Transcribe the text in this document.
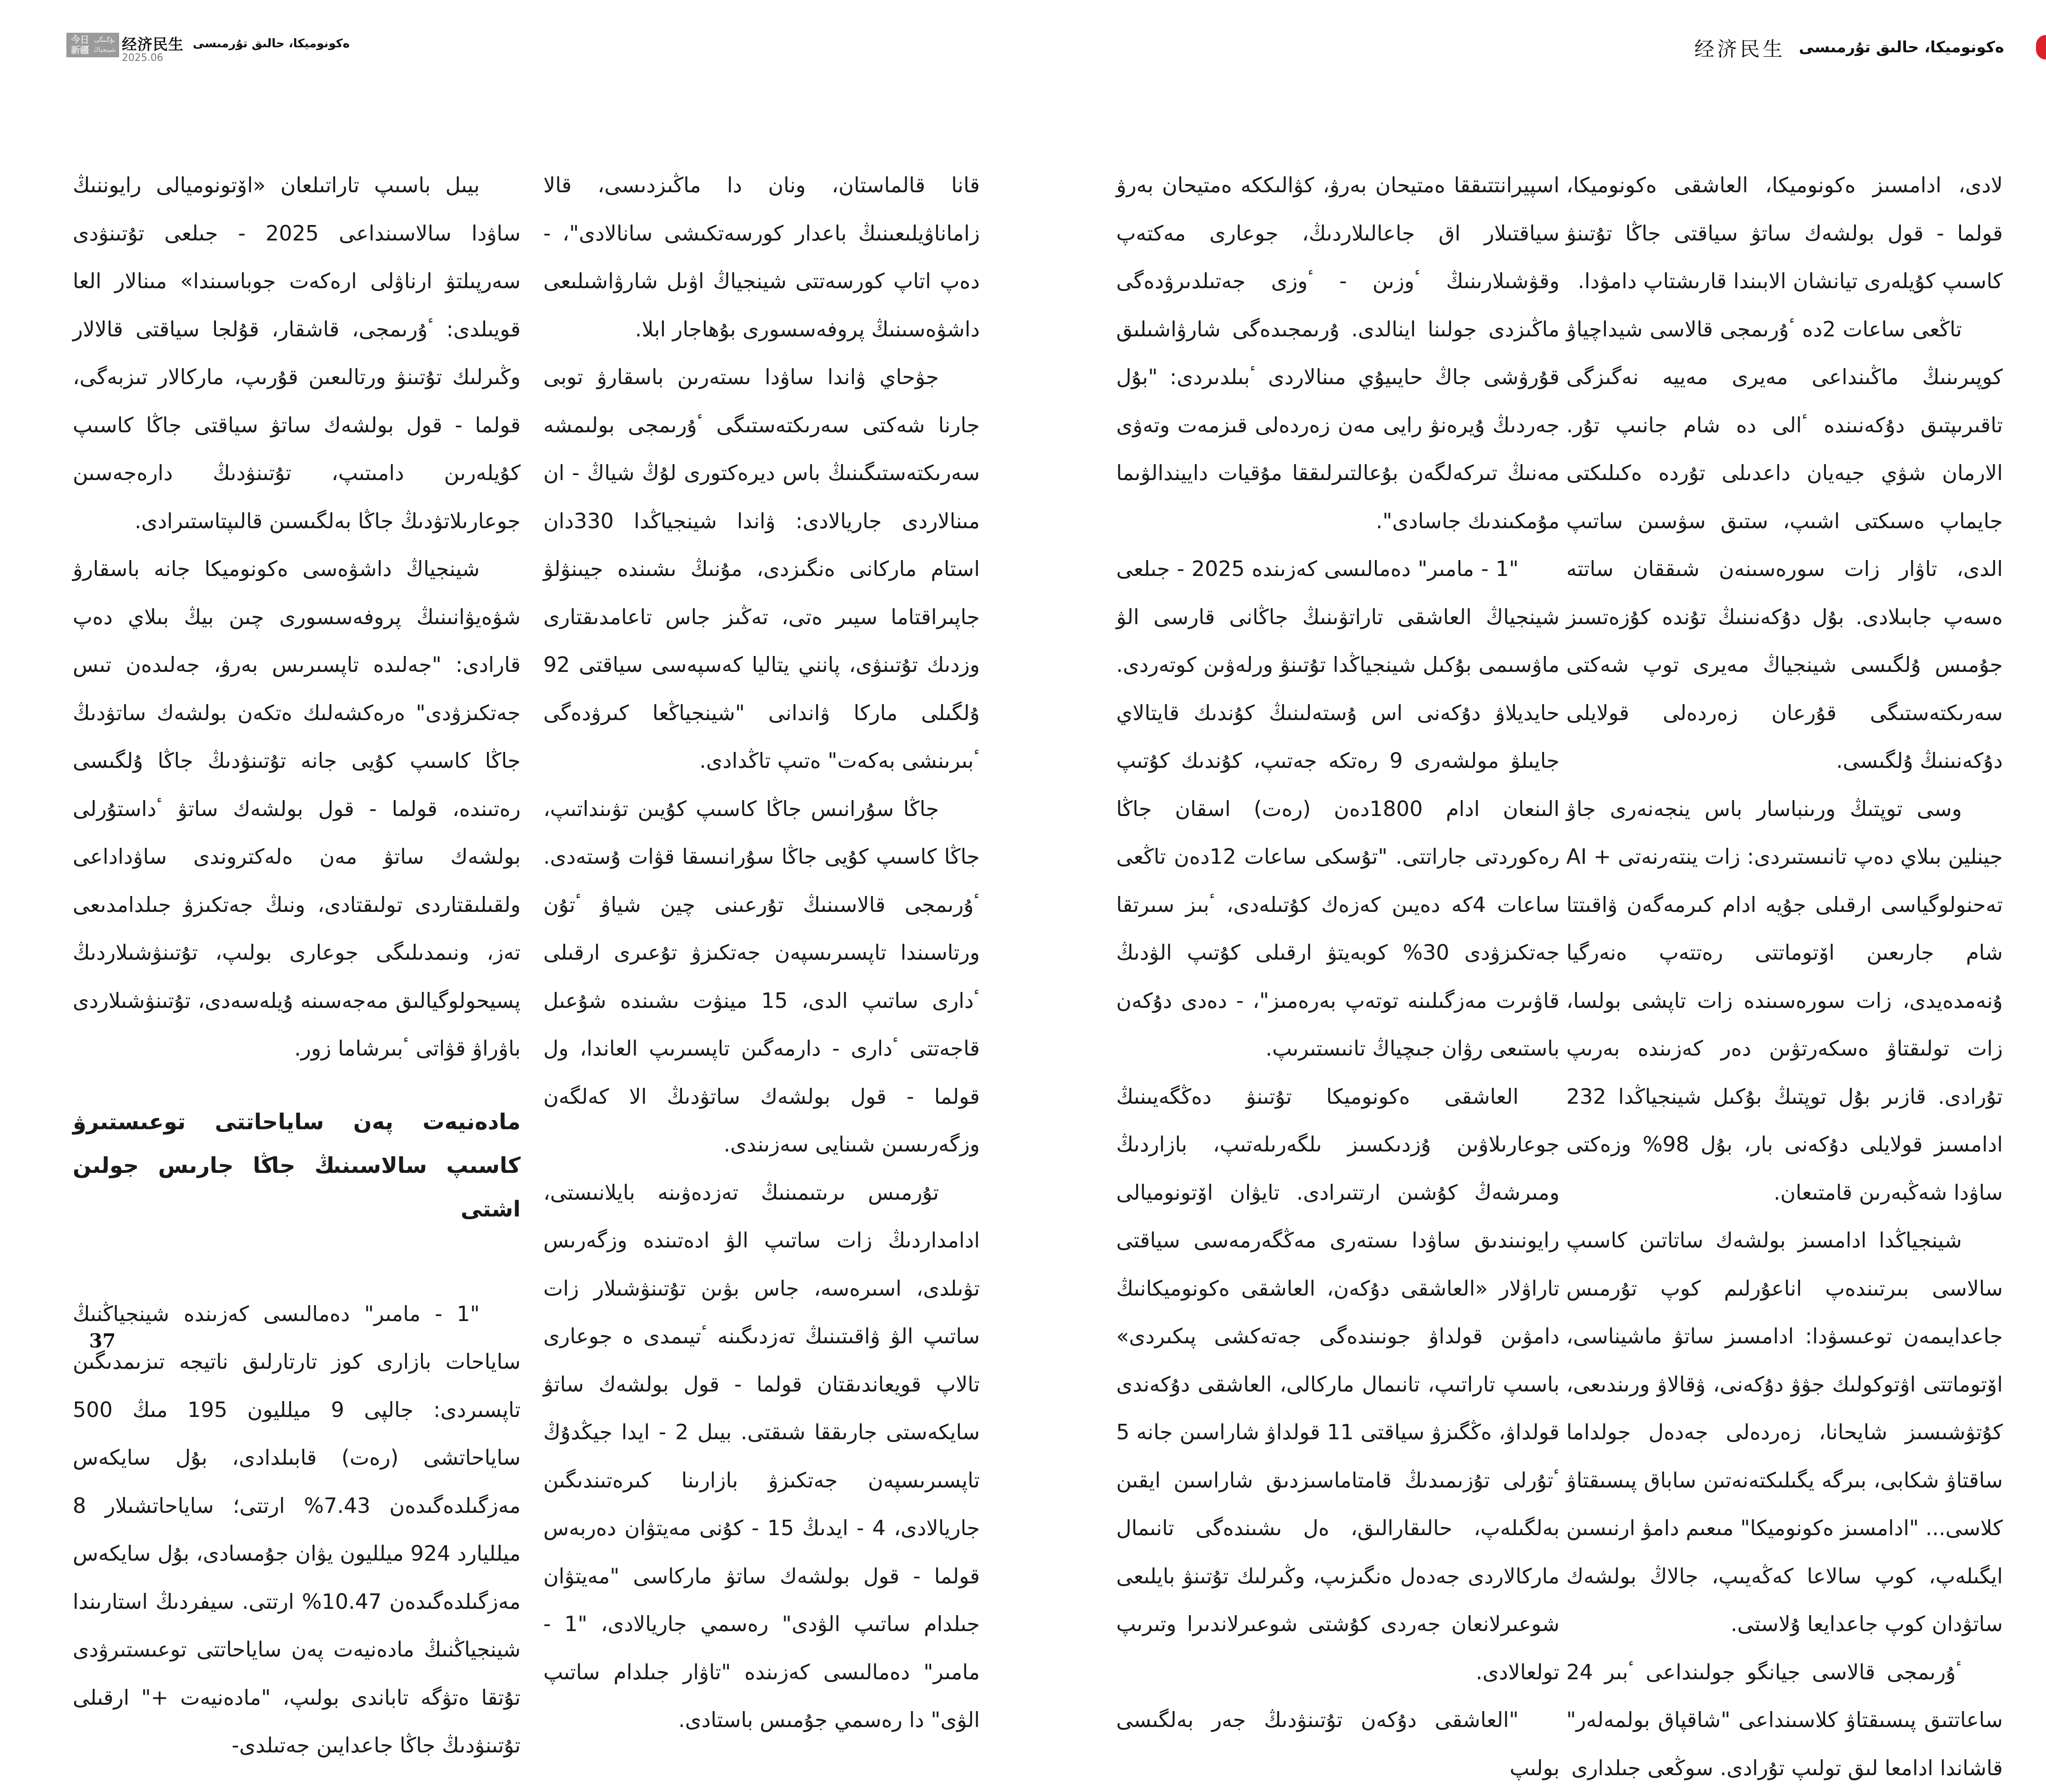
今日
新疆
بۇگىنگى
شينجياڭ 经济民生 ەكونوميكا، حالىق تۇرمىسى
2025.06

بيىل باسىپ تاراتىلعان «اۆتونوميالى رايوننىڭ ساۋدا سالاسىنداعى 2025 - جىلعى تۇتىنۋدى سەرپىلتۋ ارناۋلى ارەكەت جوباسىندا» مىنالار العا قويىلدى: ٴۇرىمجى، قاشقار، قۇلجا سياقتى قالالار وڭىرلىك تۇتىنۋ ورتالىعىن قۇرىپ، ماركالار تىزبەگى، قولما - قول بولشەك ساتۋ سياقتى جاڭا كاسىپ كۇيلەرىن دامىتىپ، تۇتىنۋدىڭ دارەجەسىن جوعارىلاتۋدىڭ جاڭا بەلگىسىن قالىپتاستىرادى.

شينجياڭ داشۋەسى ەكونوميكا جانە باسقارۋ شۋەيۋانىنىڭ پروفەسسورى چىن بيڭ بىلاي دەپ قارادى: "جەلىدە تاپسىرىس بەرۋ، جەلىدەن تىس جەتكىزۋدى" ەرەكشەلىك ەتكەن بولشەك ساتۋدىڭ جاڭا كاسىپ كۇيى جانە تۇتىنۋدىڭ جاڭا ۇلگىسى رەتىندە، قولما - قول بولشەك ساتۋ ٴداستۇرلى بولشەك ساتۋ مەن ەلەكتروندى ساۋداداعى ولقىلىقتاردى تولىقتادى، ونىڭ جەتكىزۋ جىلدامدىعى تەز، ونىمدىلىگى جوعارى بولىپ، تۇتىنۋشىلاردىڭ پسيحولوگيالىق مەجەسىنە ۇيلەسەدى، تۇتىنۋشىلاردى باۋراۋ قۋاتى ٴبىرشاما زور.

مادەنيەت پەن ساياحاتتى توعىستىرۋ كاسىپ سالاسىنىڭ جاڭا جارىس جولىن اشتى

"1 - مامىر" دەمالىسى كەزىندە شينجياڭنىڭ ساياحات بازارى كوز تارتارلىق ناتيجە تىزىمدىگىن تاپسىردى: جالپى 9 ميلليون 195 مىڭ 500 ساياحاتشى (رەت) قابىلدادى، بۇل سايكەس مەزگىلدەگىدەن 7.43% ارتتى؛ ساياحاتشىلار 8 ميلليارد 924 ميلليون يۋان جۇمسادى، بۇل سايكەس مەزگىلدەگىدەن 10.47% ارتتى. سيفردىڭ استارىندا شينجياڭنىڭ مادەنيەت پەن ساياحاتتى توعىستىرۋدى تۇتقا ەتۋگە تاباندى بولىپ، "مادەنيەت +" ارقىلى تۇتىنۋدىڭ جاڭا جاعدايىن جەتىلدى-

قانا قالماستان، ونان دا ماڭىزدىسى، قالا زاماناۋيلىعىنىڭ باعدار كورسەتكىشى سانالادى"، - دەپ اتاپ كورسەتتى شينجياڭ اۋىل شارۋاشىلىعى داشۋەسىنىڭ پروفەسسورى بۇهاجار ابلا.

جۋحاي ۋاندا ساۋدا ىستەرىن باسقارۋ توبى جارنا شەكتى سەرىكتەستىگى ٴۇرىمجى بولىمشە سەرىكتەستىگىنىڭ باس ديرەكتورى لۇڭ شياڭ - ان مىنالاردى جاريالادى: ۋاندا شينجياڭدا 330دان استام ماركانى ەنگىزدى، مۇنىڭ ىشىندە جيىنۋلۋ جاپىراقتاما سيىر ەتى، تەڭىز جاس تاعامدىقتارى وزدىك تۇتىنۋى، پانني يتاليا كەسپەسى سياقتى 92 ۇلگىلى ماركا ۋاندانى "شينجياڭعا كىرۋدەگى ٴبىرىنشى بەكەت" ەتىپ تاڭدادى.

جاڭا سۇرانىس جاڭا كاسىپ كۇيىن تۋىنداتىپ، جاڭا كاسىپ كۇيى جاڭا سۇرانىسقا قۋات ۇستەدى. ٴۇرىمجى قالاسىنىڭ تۇرعىنى چين شياۋ ٴتۇن ورتاسىندا تاپسىرىسپەن جەتكىزۋ تۇعىرى ارقىلى ٴدارى ساتىپ الدى، 15 مينۋت ىشىندە شۇعىل قاجەتتى ٴدارى - دارمەگىن تاپسىرىپ العاندا، ول قولما - قول بولشەك ساتۋدىڭ الا كەلگەن وزگەرىسىن شىنايى سەزىندى.

تۇرمىس ىرىتىمىنىڭ تەزدەۋىنە بايلانىستى، ادامداردىڭ زات ساتىپ الۋ ادەتىندە وزگەرىس تۋىلدى، اسىرەسە، جاس بۋىن تۇتىنۋشىلار زات ساتىپ الۋ ۋاقىتىنىڭ تەزدىگىنە ٴتيىمدى ە جوعارى تالاپ قويعاندىقتان قولما - قول بولشەك ساتۋ سايكەستى جارىققا شىقتى. بيىل 2 - ايدا جيڭدۇڭ تاپسىرىسپەن جەتكىزۋ بازارىنا كىرەتىندىگىن جاريالادى، 4 - ايدىڭ 15 - كۇنى مەيتۋان دەربەس قولما - قول بولشەك ساتۋ ماركاسى "مەيتۋان جىلدام ساتىپ الۋدى" رەسمي جاريالادى، "1 - مامىر" دەمالىسى كەزىندە "تاۋار جىلدام ساتىپ الۋى" دا رەسمي جۇمىس باستادى.

37
经济民生 ەكونوميكا، حالىق تۇرمىسى

اسپيرانتتىققا ەمتيحان بەرۋ، كۋالىككە ەمتيحان بەرۋ سياقتىلار اق جاعالىلاردىڭ، جوعارى مەكتەپ وقۋشىلارىنىڭ ٴوزىن - ٴوزى جەتىلدىرۋدەگى ماڭىزدى جولىنا اينالدى. ۇرىمجىدەگى شارۋاشىلىق قۇرۋشى جاڭ حايىيۇي مىنالاردى ٴبىلدىردى: "بۇل جەردىڭ ۇيرەنۋ رايى مەن زەردەلى قىزمەت وتەۋى مەنىڭ تىركەلگەن بۇعالتىرلىققا مۇقيات داييندالۋىما مۇمكىندىك جاسادى".

"1 - مامىر" دەمالىسى كەزىندە 2025 - جىلعى شينجياڭ العاشقى تاراتۋىنىڭ جاڭانى قارسى الۋ ماۋسىمى بۇكىل شينجياڭدا تۇتىنۋ ورلەۋىن كوتەردى. حايديلاۋ دۇكەنى اس ۇستەلىنىڭ كۇندىك قايتالاي جايىلۋ مولشەرى 9 رەتكە جەتىپ، كۇندىك كۇتىپ الىنعان ادام 1800دەن (رەت) اسقان جاڭا رەكوردتى جاراتتى. "تۇسكى ساعات 12دەن تاڭعى ساعات 4كە دەيىن كەزەك كۇتىلەدى، ٴبىز سىرتقا جەتكىزۋدى 30% كوبەيتۋ ارقىلى كۇتىپ الۋدىڭ قاۋىرت مەزگىلىنە توتەپ بەرەمىز"، - دەدى دۇكەن باستىعى رۋان جىچياڭ تانىستىرىپ.

العاشقى ەكونوميكا تۇتىنۋ دەڭگەيىنىڭ جوعارىلاۋىن ۇزدىكسىز ىلگەرىلەتىپ، بازاردىڭ ومىرشەڭ كۇشىن ارتتىرادى. تايۋان اۆتونوميالى رايونىندىق ساۋدا ىستەرى مەڭگەرمەسى سياقتى تاراۋلار «العاشقى دۇكەن، العاشقى ەكونوميكانىڭ دامۋىن قولداۋ جونىندەگى جەتەكشى پىكىردى» باسىپ تاراتىپ، تانىمال ماركالى، العاشقى دۇكەندى قولداۋ، ەڭگىزۋ سياقتى 11 قولداۋ شاراسىن جانە 5 ٴتۇرلى تۇزىمىدىڭ قامتاماسىزدىق شاراسىن ايقىن بەلگىلەپ، حالىقارالىق، ەل ىشىندەگى تانىمال ماركالاردى جەدەل ەنگىزىپ، وڭىرلىك تۇتىنۋ بايلىعى شوعىرلانعان جەردى كۇشتى شوعىرلاندىرا وتىرىپ تولعالادى.

"العاشقى دۇكەن تۇتىنۋدىڭ جەر بەلگىسى بولىپ

لادى، ادامسىز ەكونوميكا، العاشقى ەكونوميكا، قولما - قول بولشەك ساتۋ سياقتى جاڭا تۇتىنۋ كاسىپ كۇيلەرى تيانشان الابىندا قارىشتاپ دامۋدا.

تاڭعى ساعات 2دە ٴۇرىمجى قالاسى شيداچياۋ كوپىرىنىڭ ماڭىنداعى مەيرى مەييە نەگىزگى تاقىرىپتىق دۇكەنىندە ٴالى دە شام جانىپ تۇر. الارمان شۋي جيەيان داعدىلى تۇردە ەكىلىكتى جايماپ ەسىكتى اشىپ، ستىق سۋسىن ساتىپ الدى، تاۋار زات سورەسىنەن شىققان ساتتە ەسەپ جابىلادى. بۇل دۇكەنىنىڭ تۇندە كۇزەتسىز جۇمىس ۇلگىسى شينجياڭ مەيرى توپ شەكتى سەرىكتەستىگى قۇرعان زەردەلى قولايلى دۇكەنىنىڭ ۇلگىسى.

وسى توپتىڭ ورىنباسار باس ينجەنەرى جاۋ جينلين بىلاي دەپ تانىستىردى: زات ينتەرنەتى + AI تەحنولوگياسى ارقىلى جۇيە ادام كىرمەگەن ۋاقىتتا شام جارىعىن اۆتوماتتى رەتتەپ ەنەرگيا ۇنەمدەيدى، زات سورەسىندە زات تاپشى بولسا، زات تولىقتاۋ ەسكەرتۋىن دەر كەزىندە بەرىپ تۇرادى. قازىر بۇل توپتىڭ بۇكىل شينجياڭدا 232 ادامسىز قولايلى دۇكەنى بار، بۇل 98% وزەكتى ساۋدا شەڭبەرىن قامتىعان.

شينجياڭدا ادامسىز بولشەك ساتاتىن كاسىپ سالاسى بىرتىندەپ اناعۇرلىم كوپ تۇرمىس جاعدايىمەن توعىسۋدا: ادامسىز ساتۋ ماشيناسى، اۆتوماتتى اۋتوكولىك جۋۋ دۇكەنى، ۋقالاۋ ورىندىعى، كۇتۋشىسىز شايحانا، زەردەلى جەدەل جولداما ساقتاۋ شكابى، بىرگە يگىلىكتەنەتىن ساباق پىسىقتاۋ كلاسى... "ادامسىز ەكونوميكا" مىعىم دامۋ ارنىسىن ايگىلەپ، كوپ سالاعا كەڭەيىپ، جالاڭ بولشەك ساتۋدان كوپ جاعدايعا ۇلاستى.

ٴۇرىمجى قالاسى جيانگو جولىنداعى ٴبىر 24 ساعاتتىق پىسىقتاۋ كلاسىنداعى "شاقپاق بولمەلەر" قاشاندا ادامعا لىق تولىپ تۇرادى. سوڭعى جىلدارى
